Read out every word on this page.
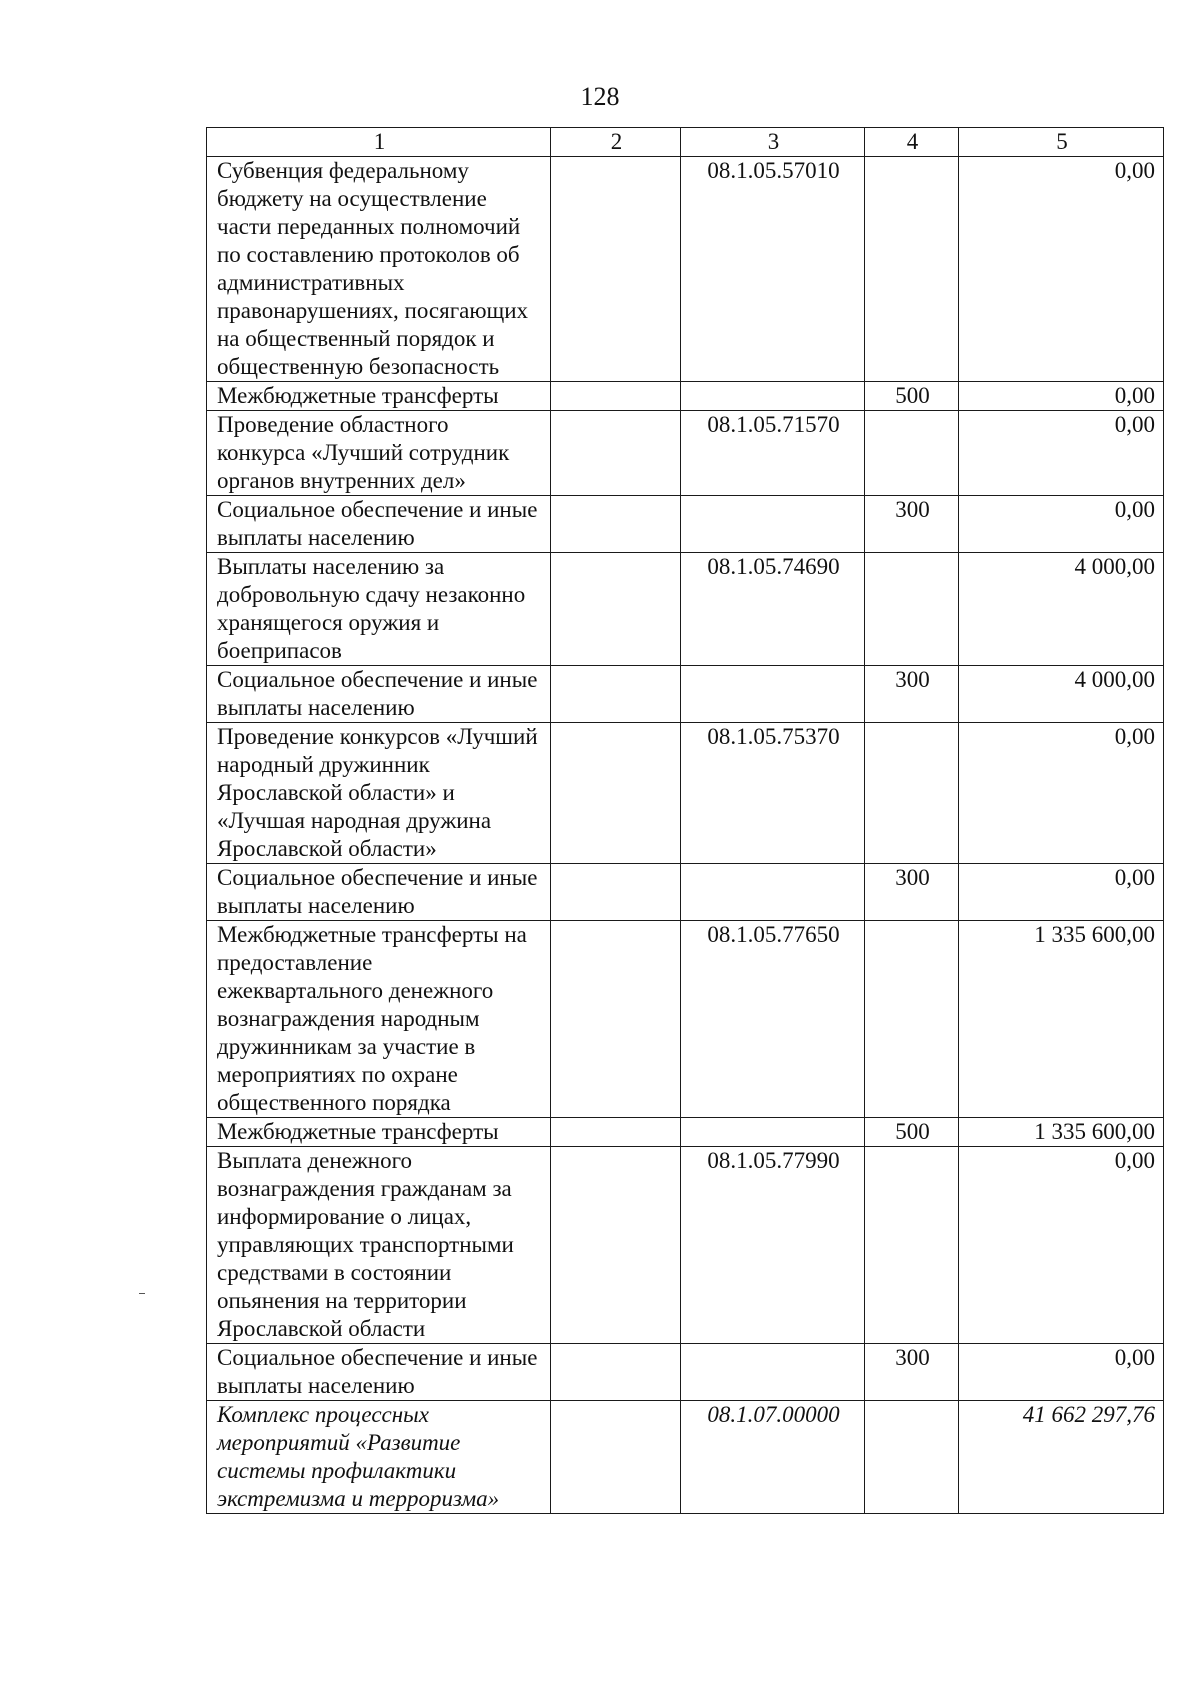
128
1	2	3	4	5
Субвенция федеральному бюджету на осуществление части переданных полномочий по составлению протоколов об административных правонарушениях, посягающих на общественный порядок и общественную безопасность		08.1.05.57010		0,00
Межбюджетные трансферты			500	0,00
Проведение областного конкурса «Лучший сотрудник органов внутренних дел»		08.1.05.71570		0,00
Социальное обеспечение и иные выплаты населению			300	0,00
Выплаты населению за добровольную сдачу незаконно хранящегося оружия и боеприпасов		08.1.05.74690		4 000,00
Социальное обеспечение и иные выплаты населению			300	4 000,00
Проведение конкурсов «Лучший народный дружинник Ярославской области» и «Лучшая народная дружина Ярославской области»		08.1.05.75370		0,00
Социальное обеспечение и иные выплаты населению			300	0,00
Межбюджетные трансферты на предоставление ежеквартального денежного вознаграждения народным дружинникам за участие в мероприятиях по охране общественного порядка		08.1.05.77650		1 335 600,00
Межбюджетные трансферты			500	1 335 600,00
Выплата денежного вознаграждения гражданам за информирование о лицах, управляющих транспортными средствами в состоянии опьянения на территории Ярославской области		08.1.05.77990		0,00
Социальное обеспечение и иные выплаты населению			300	0,00
Комплекс процессных мероприятий «Развитие системы профилактики экстремизма и терроризма»		08.1.07.00000		41 662 297,76
